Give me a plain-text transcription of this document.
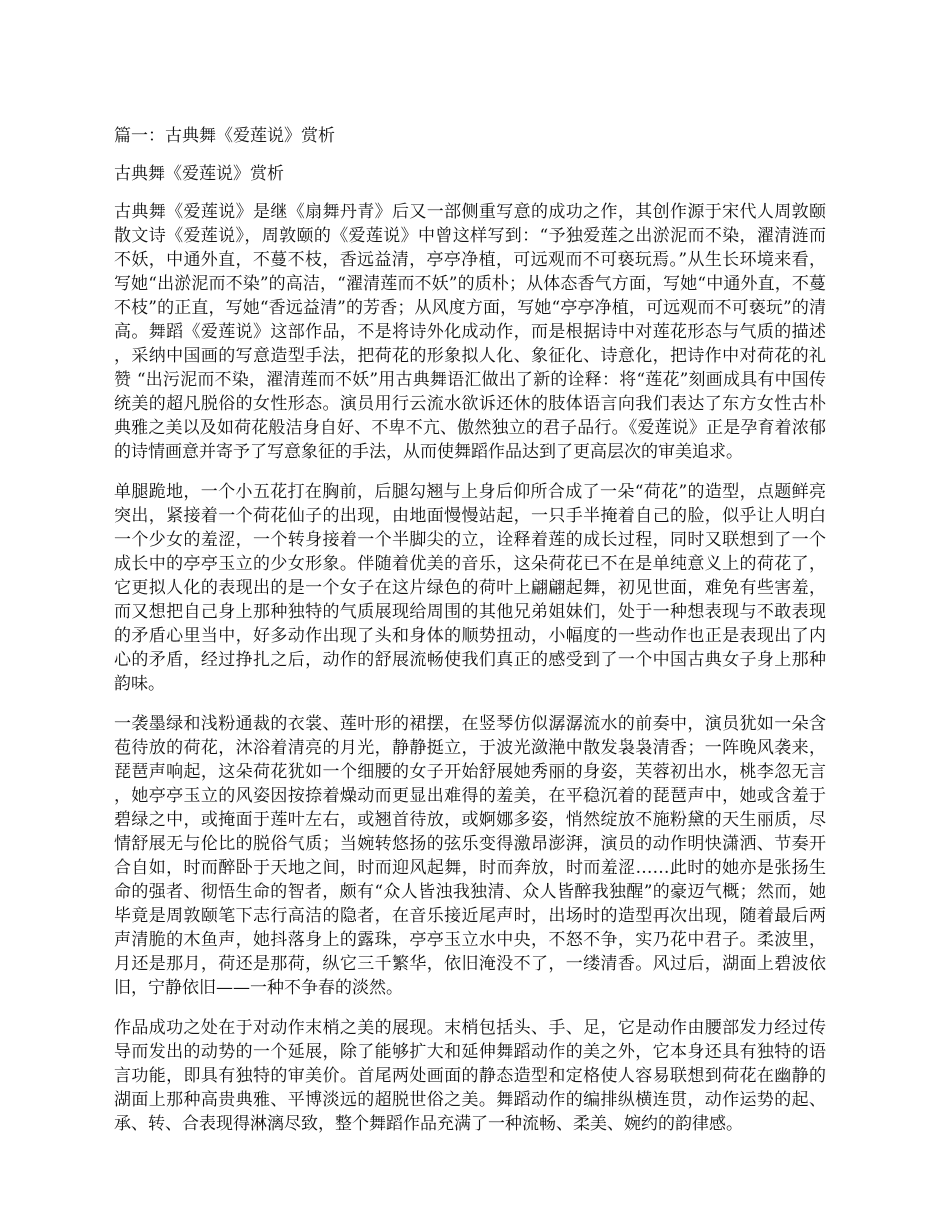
篇一：古典舞《爱莲说》赏析
古典舞《爱莲说》赏析

古典舞《爱莲说》是继《扇舞丹青》后又一部侧重写意的成功之作，其创作源于宋代人周敦颐散文诗《爱莲说》，周敦颐的《爱莲说》中曾这样写到：“予独爱莲之出淤泥而不染，濯清涟而不妖，中通外直，不蔓不枝，香远益清，亭亭净植，可远观而不可亵玩焉。”从生长环境来看，写她“出淤泥而不染”的高洁，“濯清莲而不妖”的质朴；从体态香气方面，写她“中通外直，不蔓不枝”的正直，写她“香远益清”的芳香；从风度方面，写她“亭亭净植，可远观而不可亵玩”的清高。舞蹈《爱莲说》这部作品，不是将诗外化成动作，而是根据诗中对莲花形态与气质的描述，采纳中国画的写意造型手法，把荷花的形象拟人化、象征化、诗意化，把诗作中对荷花的礼赞 “出污泥而不染，濯清莲而不妖”用古典舞语汇做出了新的诠释：将“莲花”刻画成具有中国传统美的超凡脱俗的女性形态。演员用行云流水欲诉还休的肢体语言向我们表达了东方女性古朴典雅之美以及如荷花般洁身自好、不卑不亢、傲然独立的君子品行。《爱莲说》正是孕育着浓郁的诗情画意并寄予了写意象征的手法，从而使舞蹈作品达到了更高层次的审美追求。

单腿跪地，一个小五花打在胸前，后腿勾翘与上身后仰所合成了一朵“荷花”的造型，点题鲜亮突出，紧接着一个荷花仙子的出现，由地面慢慢站起，一只手半掩着自己的脸，似乎让人明白一个少女的羞涩，一个转身接着一个半脚尖的立，诠释着莲的成长过程，同时又联想到了一个成长中的亭亭玉立的少女形象。伴随着优美的音乐，这朵荷花已不在是单纯意义上的荷花了，它更拟人化的表现出的是一个女子在这片绿色的荷叶上翩翩起舞，初见世面，难免有些害羞，而又想把自己身上那种独特的气质展现给周围的其他兄弟姐妹们，处于一种想表现与不敢表现的矛盾心里当中，好多动作出现了头和身体的顺势扭动，小幅度的一些动作也正是表现出了内心的矛盾，经过挣扎之后，动作的舒展流畅使我们真正的感受到了一个中国古典女子身上那种韵味。

一袭墨绿和浅粉通裁的衣裳、莲叶形的裙摆，在竖琴仿似潺潺流水的前奏中，演员犹如一朵含苞待放的荷花，沐浴着清亮的月光，静静挺立，于波光潋滟中散发袅袅清香；一阵晚风袭来，琵琶声响起，这朵荷花犹如一个细腰的女子开始舒展她秀丽的身姿，芙蓉初出水，桃李忽无言，她亭亭玉立的风姿因按捺着燥动而更显出难得的羞美，在平稳沉着的琵琶声中，她或含羞于碧绿之中，或掩面于莲叶左右，或翘首待放，或婀娜多姿，悄然绽放不施粉黛的天生丽质，尽情舒展无与伦比的脱俗气质；当婉转悠扬的弦乐变得激昂澎湃，演员的动作明快潇洒、节奏开合自如，时而醉卧于天地之间，时而迎风起舞，时而奔放，时而羞涩……此时的她亦是张扬生命的强者、彻悟生命的智者，颇有“众人皆浊我独清、众人皆醉我独醒”的豪迈气概；然而，她毕竟是周敦颐笔下志行高洁的隐者，在音乐接近尾声时，出场时的造型再次出现，随着最后两声清脆的木鱼声，她抖落身上的露珠，亭亭玉立水中央，不怒不争，实乃花中君子。柔波里，月还是那月，荷还是那荷，纵它三千繁华，依旧淹没不了，一缕清香。风过后，湖面上碧波依旧，宁静依旧——一种不争春的淡然。

作品成功之处在于对动作末梢之美的展现。末梢包括头、手、足，它是动作由腰部发力经过传导而发出的动势的一个延展，除了能够扩大和延伸舞蹈动作的美之外，它本身还具有独特的语言功能，即具有独特的审美价。首尾两处画面的静态造型和定格使人容易联想到荷花在幽静的湖面上那种高贵典雅、平博淡远的超脱世俗之美。舞蹈动作的编排纵横连贯，动作运势的起、承、转、合表现得淋漓尽致，整个舞蹈作品充满了一种流畅、柔美、婉约的韵律感。
